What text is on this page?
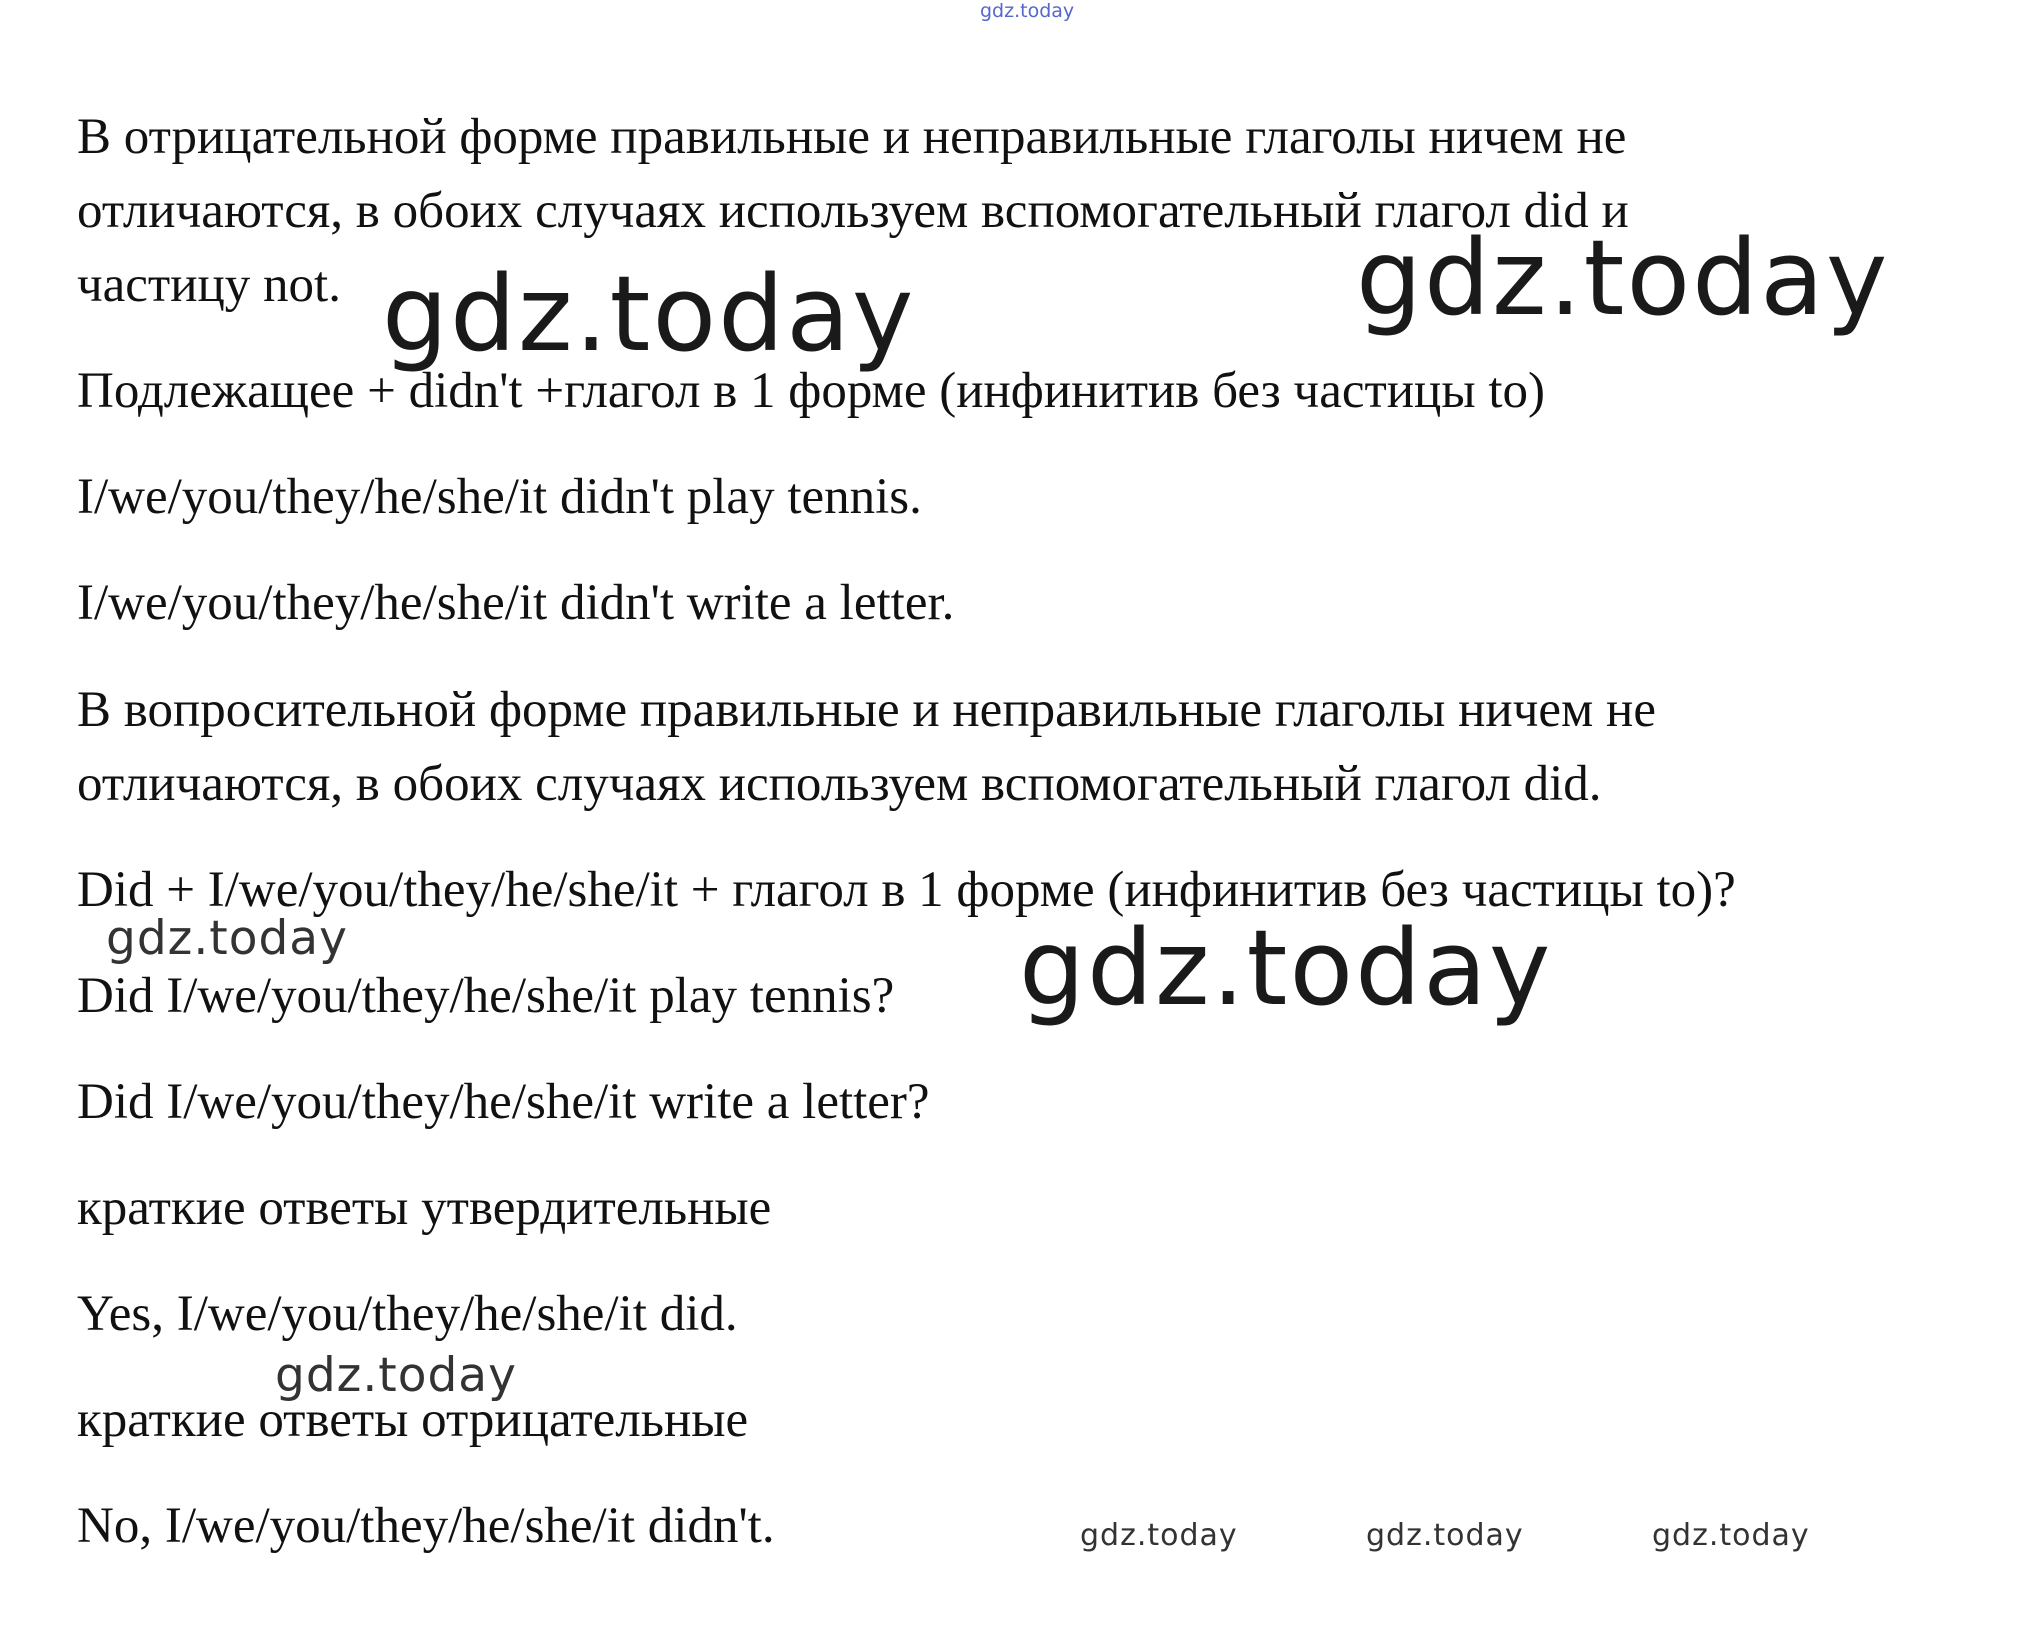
В отрицательной форме правильные и неправильные глаголы ничем не

отличаются, в обоих случаях используем вспомогательный глагол did и

частицу not.

Подлежащее + didn't +глагол в 1 форме (инфинитив без частицы to)

I/we/you/they/he/she/it didn't play tennis.

I/we/you/they/he/she/it didn't write a letter.

В вопросительной форме правильные и неправильные глаголы ничем не

отличаются, в обоих случаях используем вспомогательный глагол did.

Did + I/we/you/they/he/she/it + глагол в 1 форме (инфинитив без частицы to)?

Did I/we/you/they/he/she/it play tennis?

Did I/we/you/they/he/she/it write a letter?

краткие ответы утвердительные

Yes, I/we/you/they/he/she/it did.

краткие ответы отрицательные

No, I/we/you/they/he/she/it didn't.

gdz.today
gdz.today	gdz.today
gdz.today
gdz.today
gdz.today
gdz.today	gdz.today	gdz.today
